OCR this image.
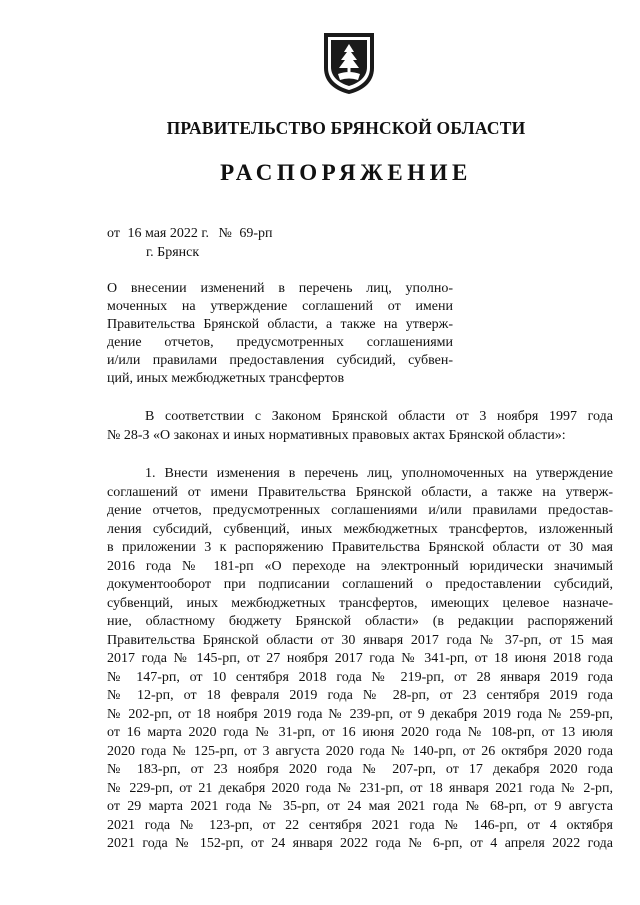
ПРАВИТЕЛЬСТВО БРЯНСКОЙ ОБЛАСТИ
РАСПОРЯЖЕНИЕ
от 16 мая 2022 г. № 69-рп
г. Брянск
О внесении изменений в перечень лиц, уполно-
моченных на утверждение соглашений от имени
Правительства Брянской области, а также на утверж-
дение отчетов, предусмотренных соглашениями
и/или правилами предоставления субсидий, субвен-
ций, иных межбюджетных трансфертов
В соответствии с Законом Брянской области от 3 ноября 1997 года
№ 28-З «О законах и иных нормативных правовых актах Брянской области»:
1. Внести изменения в перечень лиц, уполномоченных на утверждение
соглашений от имени Правительства Брянской области, а также на утверж-
дение отчетов, предусмотренных соглашениями и/или правилами предостав-
ления субсидий, субвенций, иных межбюджетных трансфертов, изложенный
в приложении 3 к распоряжению Правительства Брянской области от 30 мая
2016 года № 181-рп «О переходе на электронный юридически значимый
документооборот при подписании соглашений о предоставлении субсидий,
субвенций, иных межбюджетных трансфертов, имеющих целевое назначе-
ние, областному бюджету Брянской области» (в редакции распоряжений
Правительства Брянской области от 30 января 2017 года № 37-рп, от 15 мая
2017 года № 145-рп, от 27 ноября 2017 года № 341-рп, от 18 июня 2018 года
№ 147-рп, от 10 сентября 2018 года № 219-рп, от 28 января 2019 года
№ 12-рп, от 18 февраля 2019 года № 28-рп, от 23 сентября 2019 года
№ 202-рп, от 18 ноября 2019 года № 239-рп, от 9 декабря 2019 года № 259-рп,
от 16 марта 2020 года № 31-рп, от 16 июня 2020 года № 108-рп, от 13 июля
2020 года № 125-рп, от 3 августа 2020 года № 140-рп, от 26 октября 2020 года
№ 183-рп, от 23 ноября 2020 года № 207-рп, от 17 декабря 2020 года
№ 229-рп, от 21 декабря 2020 года № 231-рп, от 18 января 2021 года № 2-рп,
от 29 марта 2021 года № 35-рп, от 24 мая 2021 года № 68-рп, от 9 августа
2021 года № 123-рп, от 22 сентября 2021 года № 146-рп, от 4 октября
2021 года № 152-рп, от 24 января 2022 года № 6-рп, от 4 апреля 2022 года
